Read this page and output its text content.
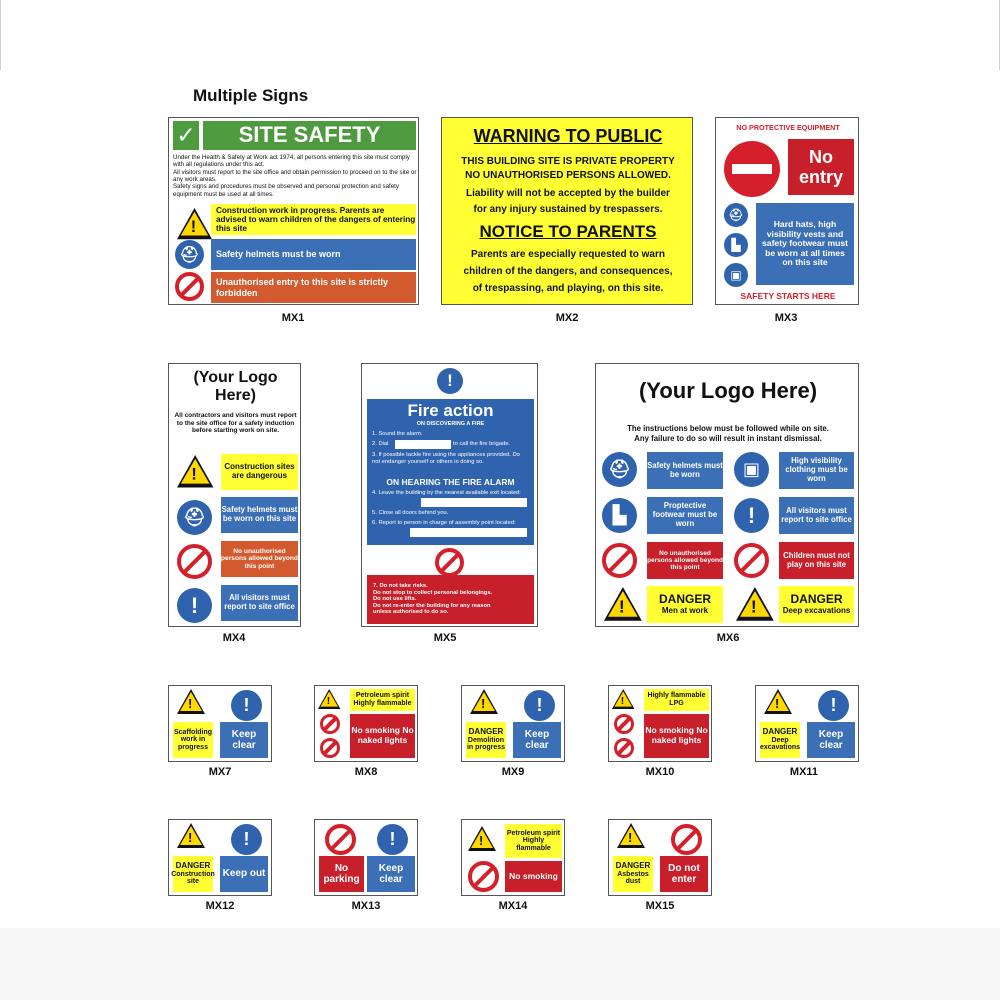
Multiple Signs
✓	SITE SAFETY
Under the Health & Safety at Work act 1974, all persons entering this site must comply with all regulations under this act.
All visitors must report to the site office and obtain permission to proceed on to the site or any work areas.
Safety signs and procedures must be observed and personal protection and safety equipment must be used at all times.
!
Construction work in progress. Parents are advised to warn children of the dangers of entering this site
⛑	Safety helmets must be worn
Unauthorised entry to this site is strictly forbidden
MX1
WARNING TO PUBLIC
THIS BUILDING SITE IS PRIVATE PROPERTY
NO UNAUTHORISED PERSONS ALLOWED.
Liability will not be accepted by the builder
for any injury sustained by trespassers.
NOTICE TO PARENTS
Parents are especially requested to warn
children of the dangers, and consequences,
of trespassing, and playing, on this site.
MX2
NO PROTECTIVE EQUIPMENT
No
entry
⛑
▙
▣
Hard hats, high visibility vests and safety footwear must be worn at all times on this site
SAFETY STARTS HERE
MX3
(Your Logo Here)
All contractors and visitors must report to the site office for a safety induction before starting work on site.
!
Construction sites are dangerous
⛑	Safety helmets must be worn on this site
No unauthorised persons allowed beyond this point
!	All visitors must report to site office
MX4
!
Fire action
ON DISCOVERING A FIRE
1. Sound the alarm.
2. Dial	to call the fire brigade.
3. If possible tackle fire using the appliances provided. Do not endanger yourself or others in doing so.
ON HEARING THE FIRE ALARM
4. Leave the building by the nearest available exit located:
5. Close all doors behind you.
6. Report to person in charge of assembly point located:
7. Do not take risks.
Do not stop to collect personal belongings.
Do not use lifts.
Do not re-enter the building for any reason
unless authorised to do so.
MX5
(Your Logo Here)
The instructions below must be followed while on site.
Any failure to do so will result in instant dismissal.
⛑	Safety helmets must be worn	▣	High visibility clothing must be worn
▙	Proptective footwear must be worn	!	All visitors must report to site office
No unauthorised persons allowed beyond this point
Children must not play on this site
!
DANGER
Men at work
!
DANGER
Deep excavations
MX6
!
Scaffolding work in progress
!
Keep clear
MX7
!
Petroleum spirit Highly flammable
No smoking No naked lights
MX8
!
DANGER
Demolition in progress
!
Keep clear
MX9
!
Highly flammable LPG
No smoking No naked lights
MX10
!
DANGER
Deep excavations
!
Keep clear
MX11
!
DANGER
Construction site
!
Keep out
MX12
No parking
!
Keep clear
MX13
!
Petroleum spirit Highly flammable
No smoking
MX14
!
DANGER
Asbestos dust
Do not enter
MX15
